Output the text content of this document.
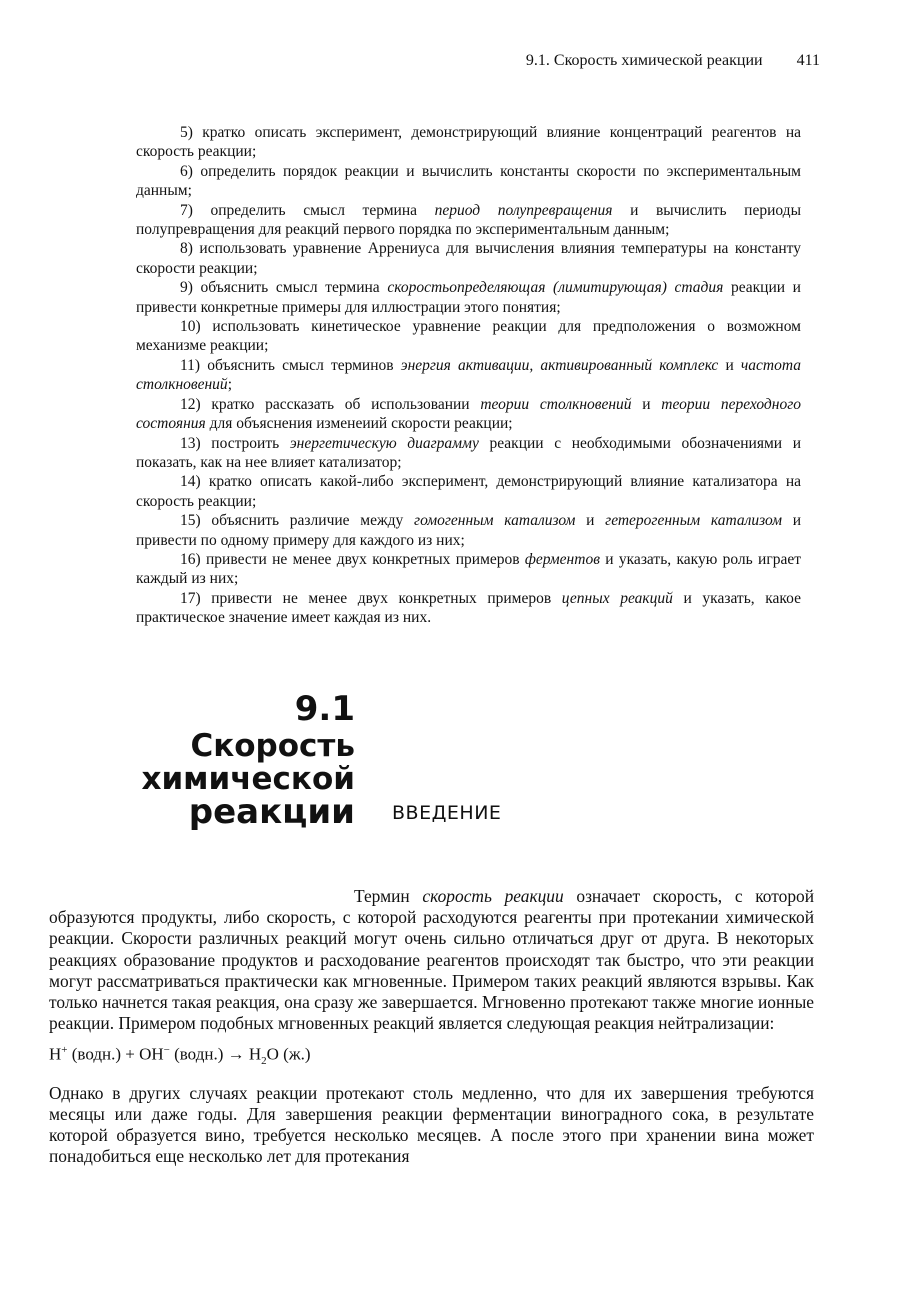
9.1. Скорость химической реакции 411

5) кратко описать эксперимент, демонстрирующий влияние концентраций реагентов на скорость реакции;

6) определить порядок реакции и вычислить константы скорости по экспериментальным данным;

7) определить смысл термина период полупревращения и вычислить периоды полупревращения для реакций первого порядка по экспериментальным данным;

8) использовать уравнение Аррениуса для вычисления влияния температуры на константу скорости реакции;

9) объяснить смысл термина скоростьопределяющая (лимитирующая) стадия реакции и привести конкретные примеры для иллюстрации этого понятия;

10) использовать кинетическое уравнение реакции для предположения о возможном механизме реакции;

11) объяснить смысл терминов энергия активации, активированный комплекс и частота столкновений;

12) кратко рассказать об использовании теории столкновений и теории переходного состояния для объяснения изменеиий скорости реакции;

13) построить энергетическую диаграмму реакции с необходимыми обозначениями и показать, как на нее влияет катализатор;

14) кратко описать какой-либо эксперимент, демонстрирующий влияние катализатора на скорость реакции;

15) объяснить различие между гомогенным катализом и гетерогенным катализом и привести по одному примеру для каждого из них;

16) привести не менее двух конкретных примеров ферментов и указать, какую роль играет каждый из них;

17) привести не менее двух конкретных примеров цепных реакций и указать, какое практическое значение имеет каждая из них.

9.1
Скорость
химической
реакции ВВЕДЕНИЕ

Термин скорость реакции означает скорость, с которой образуются продукты, либо скорость, с которой расходуются реагенты при протекании химической реакции. Скорости различных реакций могут очень сильно отличаться друг от друга. В некоторых реакциях образование продуктов и расходование реагентов происходят так быстро, что эти реакции могут рассматриваться практически как мгновенные. Примером таких реакций являются взрывы. Как только начнется такая реакция, она сразу же завершается. Мгновенно протекают также многие ионные реакции. Примером подобных мгновенных реакций является следующая реакция нейтрализации:

H+ (водн.) + OH− (водн.) → $H_2O$ (ж.)

Однако в других случаях реакции протекают столь медленно, что для их завершения требуются месяцы или даже годы. Для завершения реакции ферментации виноградного сока, в результате которой образуется вино, требуется несколько месяцев. А после этого при хранении вина может понадобиться еще несколько лет для протекания
